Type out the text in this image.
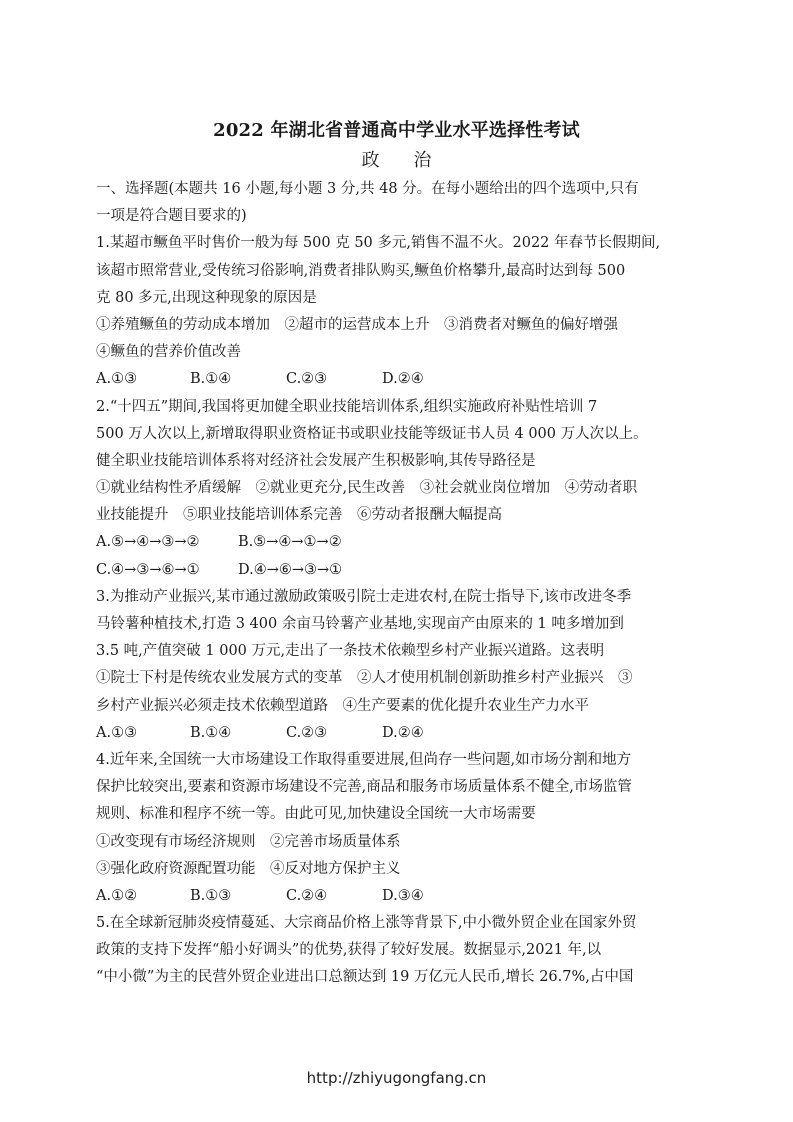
2022 年湖北省普通高中学业水平选择性考试
政 治
一、选择题(本题共 16 小题,每小题 3 分,共 48 分。在每小题给出的四个选项中,只有
一项是符合题目要求的)
1.某超市鳜鱼平时售价一般为每 500 克 50 多元,销售不温不火。2022 年春节长假期间,
该超市照常营业,受传统习俗影响,消费者排队购买,鳜鱼价格攀升,最高时达到每 500
克 80 多元,出现这种现象的原因是
①养殖鳜鱼的劳动成本增加　②超市的运营成本上升　③消费者对鳜鱼的偏好增强
④鳜鱼的营养价值改善
A.①③	B.①④	C.②③	D.②④
2.“十四五”期间,我国将更加健全职业技能培训体系,组织实施政府补贴性培训 7
500 万人次以上,新增取得职业资格证书或职业技能等级证书人员 4 000 万人次以上。
健全职业技能培训体系将对经济社会发展产生积极影响,其传导路径是
①就业结构性矛盾缓解　②就业更充分,民生改善　③社会就业岗位增加　④劳动者职
业技能提升　⑤职业技能培训体系完善　⑥劳动者报酬大幅提高
A.⑤→④→③→②	B.⑤→④→①→②
C.④→③→⑥→①	D.④→⑥→③→①
3.为推动产业振兴,某市通过激励政策吸引院士走进农村,在院士指导下,该市改进冬季
马铃薯种植技术,打造 3 400 余亩马铃薯产业基地,实现亩产由原来的 1 吨多增加到
3.5 吨,产值突破 1 000 万元,走出了一条技术依赖型乡村产业振兴道路。这表明
①院士下村是传统农业发展方式的变革　②人才使用机制创新助推乡村产业振兴　③
乡村产业振兴必须走技术依赖型道路　④生产要素的优化提升农业生产力水平
A.①③	B.①④	C.②③	D.②④
4.近年来,全国统一大市场建设工作取得重要进展,但尚存一些问题,如市场分割和地方
保护比较突出,要素和资源市场建设不完善,商品和服务市场质量体系不健全,市场监管
规则、标准和程序不统一等。由此可见,加快建设全国统一大市场需要
①改变现有市场经济规则　②完善市场质量体系
③强化政府资源配置功能　④反对地方保护主义
A.①②	B.①③	C.②④	D.③④
5.在全球新冠肺炎疫情蔓延、大宗商品价格上涨等背景下,中小微外贸企业在国家外贸
政策的支持下发挥“船小好调头”的优势,获得了较好发展。数据显示,2021 年,以
“中小微”为主的民营外贸企业进出口总额达到 19 万亿元人民币,增长 26.7%,占中国
http://zhiyugongfang.cn
